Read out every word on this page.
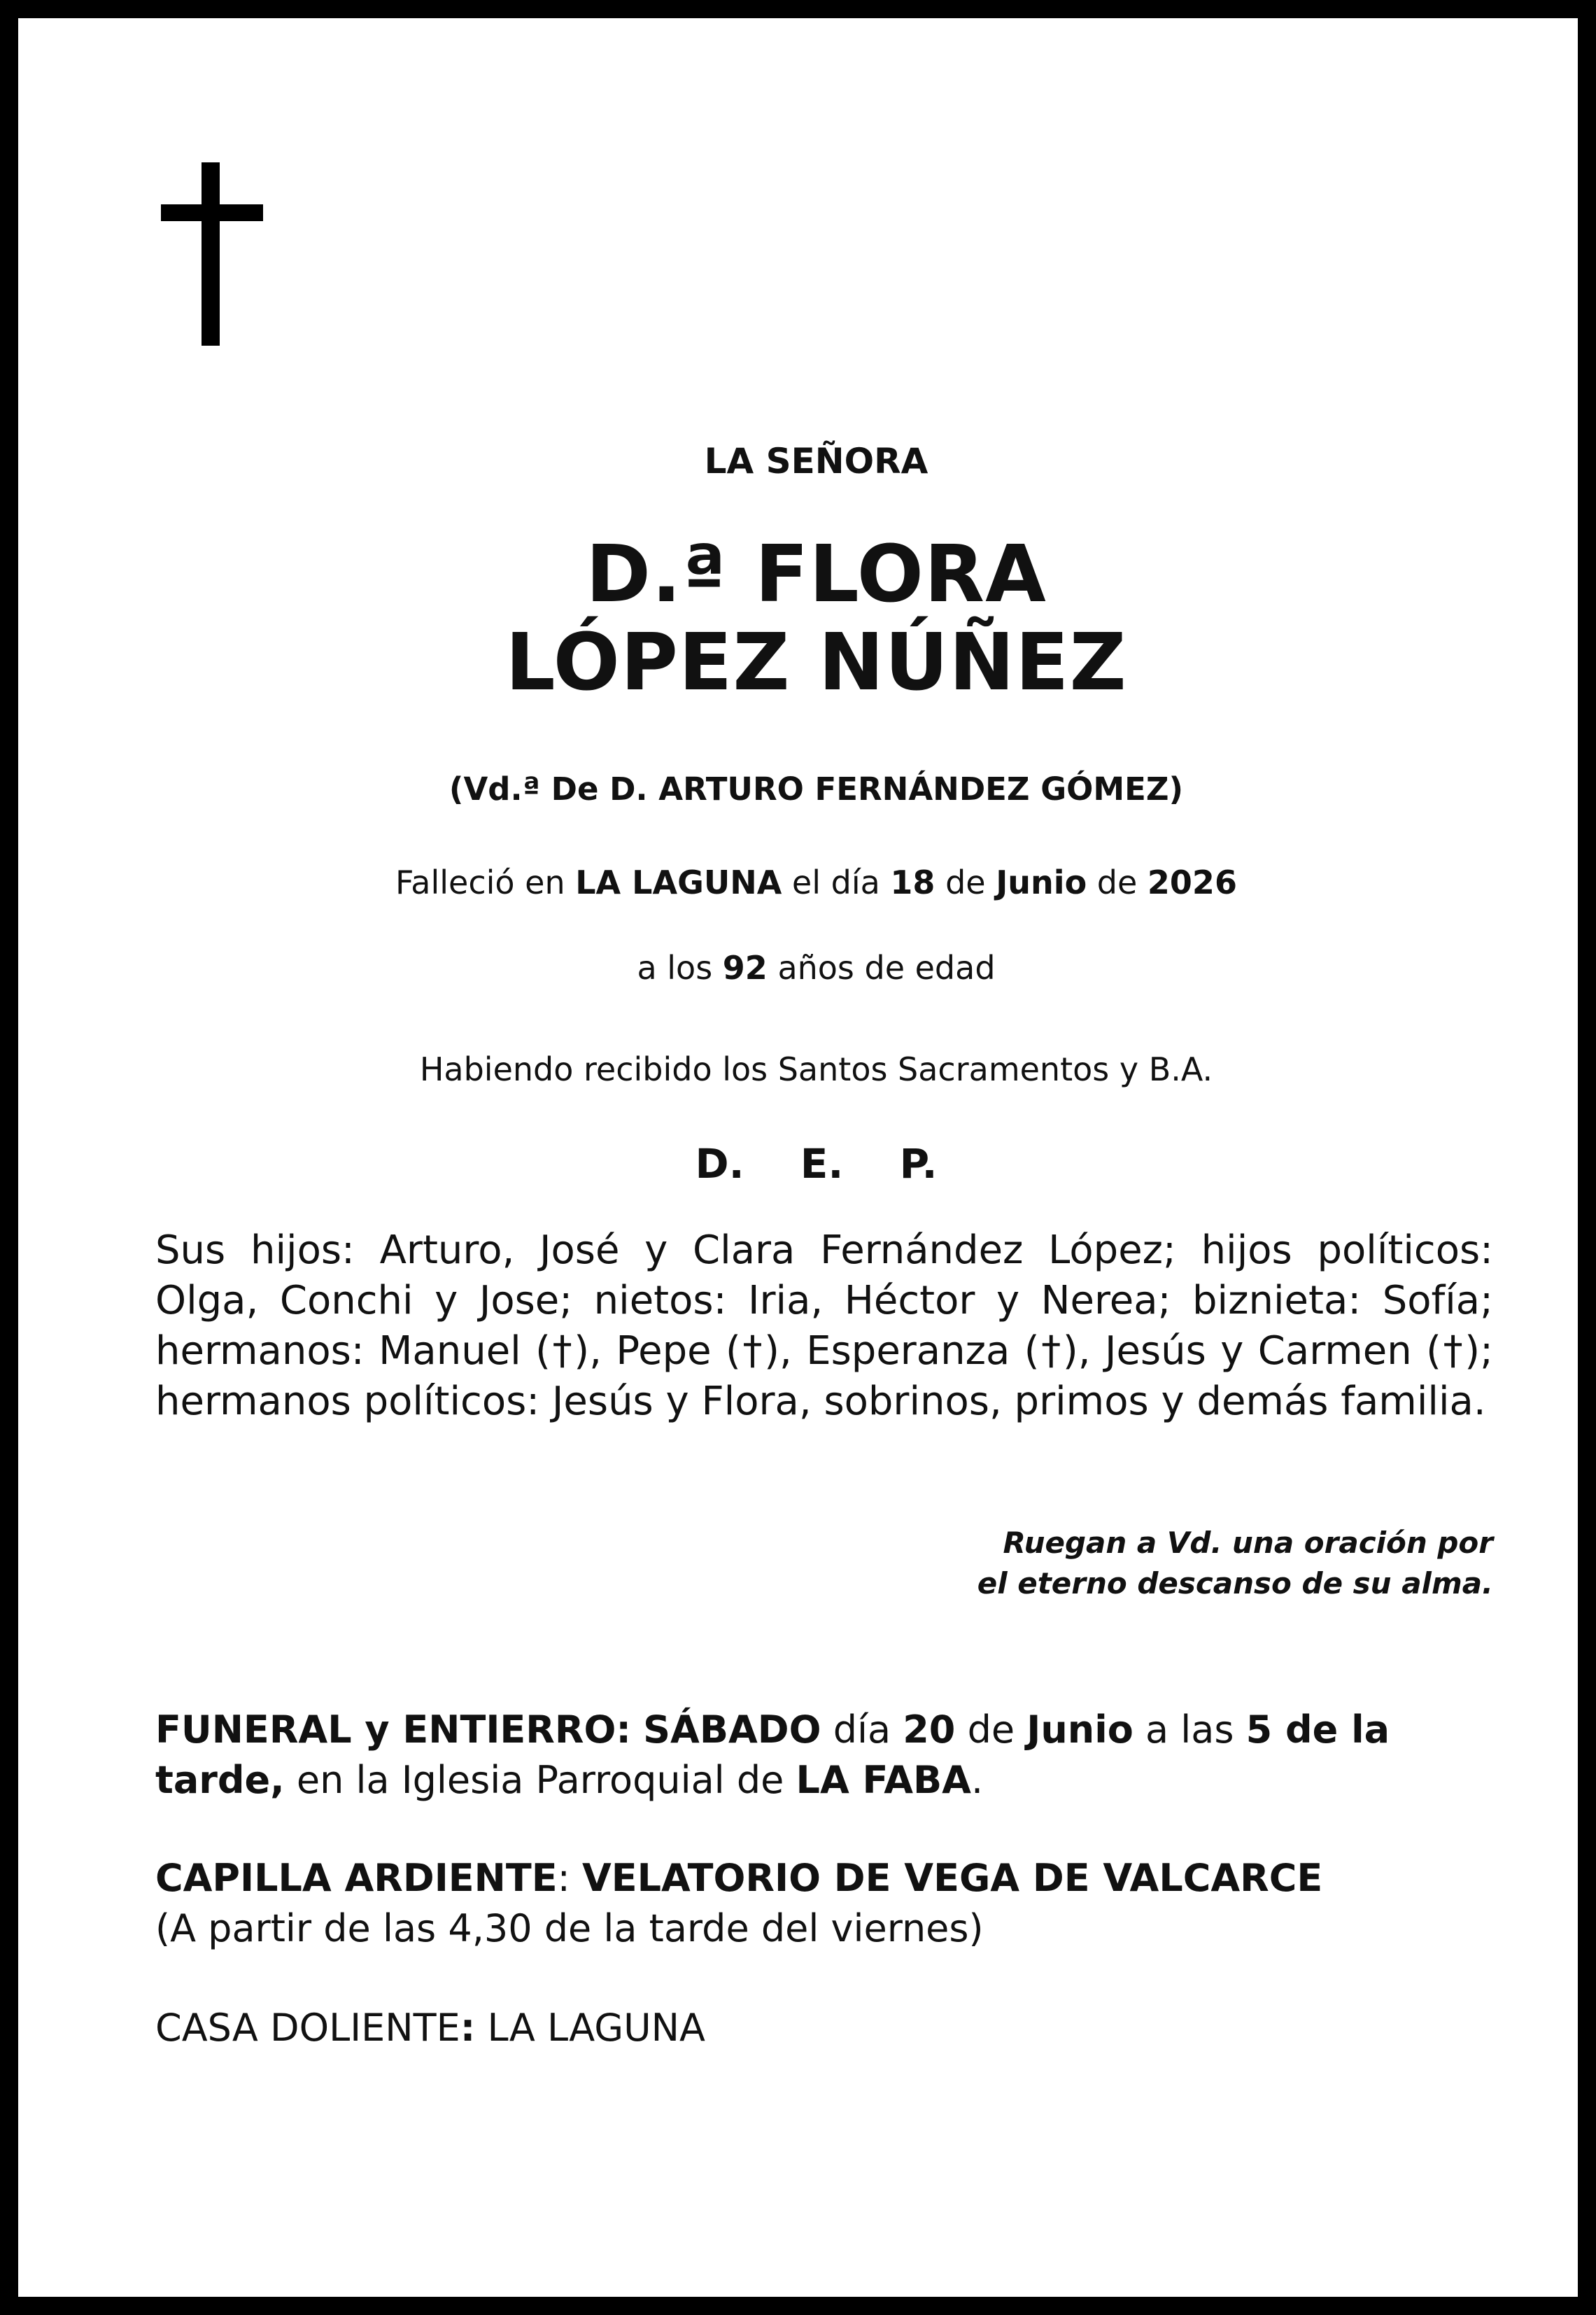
LA SEÑORA
D.ª FLORA
LÓPEZ NÚÑEZ
(Vd.ª De D. ARTURO FERNÁNDEZ GÓMEZ)
Falleció en LA LAGUNA el día 18 de Junio de 2026
a los 92 años de edad
Habiendo recibido los Santos Sacramentos y B.A.
D. E. P.
Sus hijos: Arturo, José y Clara Fernández López; hijos políticos: Olga, Conchi y Jose; nietos: Iria, Héctor y Nerea; biznieta: Sofía; hermanos: Manuel (†), Pepe (†), Esperanza (†), Jesús y Carmen (†); hermanos políticos: Jesús y Flora, sobrinos, primos y demás familia.
Ruegan a Vd. una oración por
el eterno descanso de su alma.
FUNERAL y ENTIERRO: SÁBADO día 20 de Junio a las 5 de la tarde, en la Iglesia Parroquial de LA FABA.
CAPILLA ARDIENTE: VELATORIO DE VEGA DE VALCARCE
(A partir de las 4,30 de la tarde del viernes)
CASA DOLIENTE: LA LAGUNA
